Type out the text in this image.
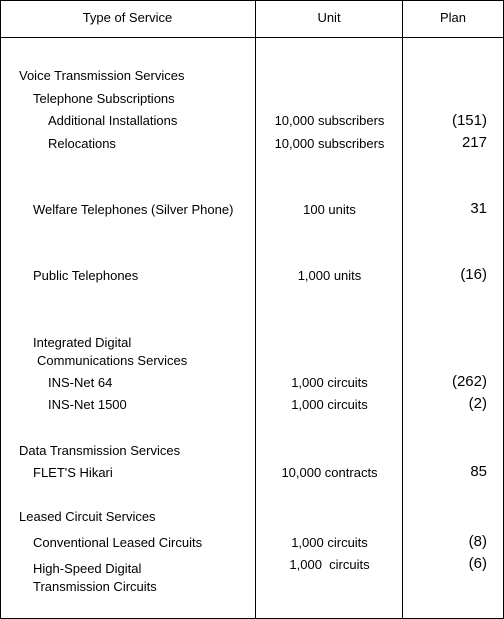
Type of Service	Unit	Plan
Voice Transmission Services
Telephone Subscriptions
Additional Installations	10,000 subscribers	(151)
Relocations	10,000 subscribers	217
Welfare Telephones (Silver Phone)	100 units	31
Public Telephones	1,000 units	(16)
Integrated Digital
Communications Services
INS-Net 64	1,000 circuits	(262)
INS-Net 1500	1,000 circuits	(2)
Data Transmission Services
FLET'S Hikari	10,000 contracts	85
Leased Circuit Services
Conventional Leased Circuits	1,000 circuits	(8)
High-Speed Digital	1,000  circuits	(6)
Transmission Circuits
